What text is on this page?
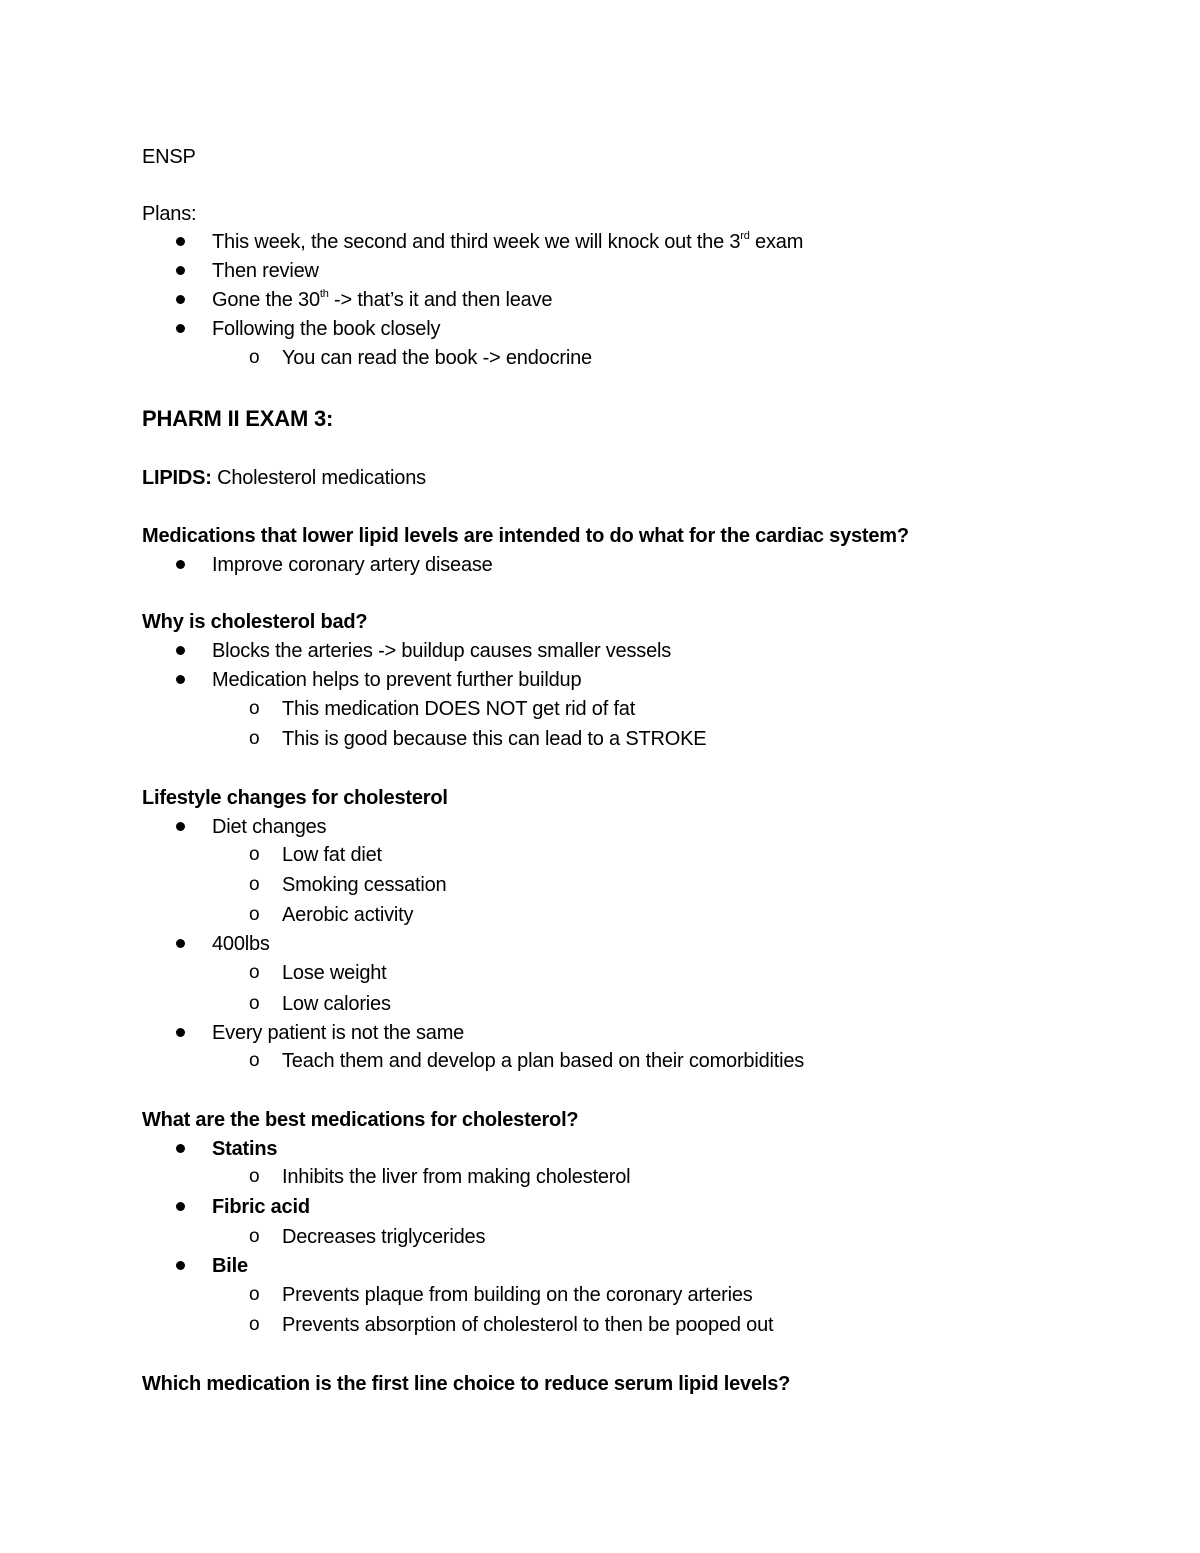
ENSP
Plans:
This week, the second and third week we will knock out the 3rd exam
Then review
Gone the 30th -> that’s it and then leave
Following the book closely
o You can read the book -> endocrine
PHARM II EXAM 3:
LIPIDS: Cholesterol medications
Medications that lower lipid levels are intended to do what for the cardiac system?
Improve coronary artery disease
Why is cholesterol bad?
Blocks the arteries -> buildup causes smaller vessels
Medication helps to prevent further buildup
o This medication DOES NOT get rid of fat
o This is good because this can lead to a STROKE
Lifestyle changes for cholesterol
Diet changes
o Low fat diet
o Smoking cessation
o Aerobic activity
400lbs
o Lose weight
o Low calories
Every patient is not the same
o Teach them and develop a plan based on their comorbidities
What are the best medications for cholesterol?
Statins
o Inhibits the liver from making cholesterol
Fibric acid
o Decreases triglycerides
Bile
o Prevents plaque from building on the coronary arteries
o Prevents absorption of cholesterol to then be pooped out
Which medication is the first line choice to reduce serum lipid levels?
